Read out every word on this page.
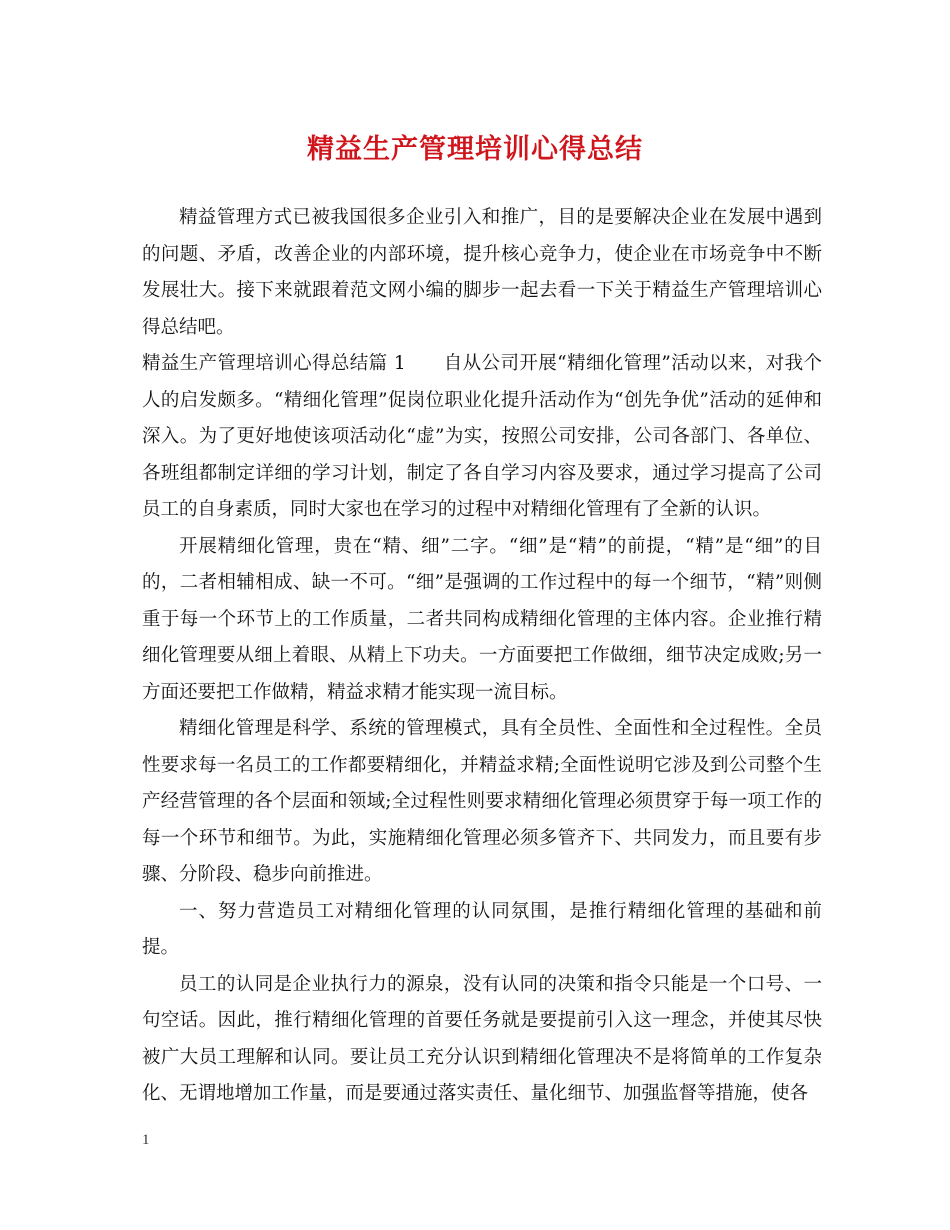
精益生产管理培训心得总结

精益管理方式已被我国很多企业引入和推广，目的是要解决企业在发展中遇到的问题、矛盾，改善企业的内部环境，提升核心竞争力，使企业在市场竞争中不断发展壮大。接下来就跟着范文网小编的脚步一起去看一下关于精益生产管理培训心得总结吧。

精益生产管理培训心得总结篇 1　　自从公司开展“精细化管理”活动以来，对我个人的启发颇多。“精细化管理”促岗位职业化提升活动作为“创先争优”活动的延伸和深入。为了更好地使该项活动化“虚”为实，按照公司安排，公司各部门、各单位、各班组都制定详细的学习计划，制定了各自学习内容及要求，通过学习提高了公司员工的自身素质，同时大家也在学习的过程中对精细化管理有了全新的认识。

开展精细化管理，贵在“精、细”二字。“细”是“精”的前提，“精”是“细”的目的，二者相辅相成、缺一不可。“细”是强调的工作过程中的每一个细节，“精”则侧重于每一个环节上的工作质量，二者共同构成精细化管理的主体内容。企业推行精细化管理要从细上着眼、从精上下功夫。一方面要把工作做细，细节决定成败;另一方面还要把工作做精，精益求精才能实现一流目标。

精细化管理是科学、系统的管理模式，具有全员性、全面性和全过程性。全员性要求每一名员工的工作都要精细化，并精益求精;全面性说明它涉及到公司整个生产经营管理的各个层面和领域;全过程性则要求精细化管理必须贯穿于每一项工作的每一个环节和细节。为此，实施精细化管理必须多管齐下、共同发力，而且要有步骤、分阶段、稳步向前推进。

一、努力营造员工对精细化管理的认同氛围，是推行精细化管理的基础和前提。

员工的认同是企业执行力的源泉，没有认同的决策和指令只能是一个口号、一句空话。因此，推行精细化管理的首要任务就是要提前引入这一理念，并使其尽快被广大员工理解和认同。要让员工充分认识到精细化管理决不是将简单的工作复杂化、无谓地增加工作量，而是要通过落实责任、量化细节、加强监督等措施，使各

1
